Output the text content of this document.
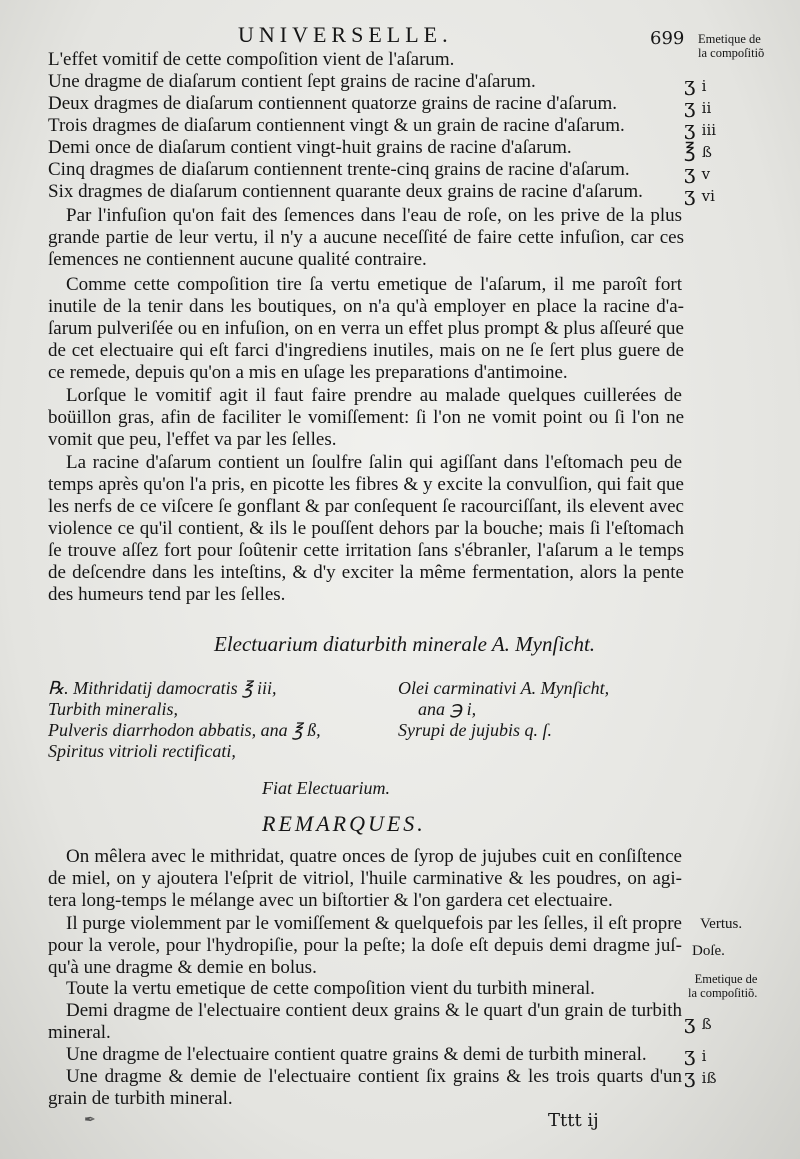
UNIVERSELLE.	699 Emetique de
la compoſitiõ
L'effet vomitif de cette compoſition vient de l'aſarum.
Une dragme de diaſarum contient ſept grains de racine d'aſarum.
Deux dragmes de diaſarum contiennent quatorze grains de racine d'aſarum.
Trois dragmes de diaſarum contiennent vingt & un grain de racine d'aſarum.
Demi once de diaſarum contient vingt-huit grains de racine d'aſarum.
Cinq dragmes de diaſarum contiennent trente-cinq grains de racine d'aſarum.
Six dragmes de diaſarum contiennent quarante deux grains de racine d'aſarum.
ʒ i
ʒ ii
ʒ iii
℥ ß
ʒ v
ʒ vi
Par l'infuſion qu'on fait des ſemences dans l'eau de roſe, on les prive de la plus
grande partie de leur vertu, il n'y a aucune neceſſité de faire cette infuſion, car ces
ſemences ne contiennent aucune qualité contraire.
Comme cette compoſition tire ſa vertu emetique de l'aſarum, il me paroît fort
inutile de la tenir dans les boutiques, on n'a qu'à employer en place la racine d'a-
ſarum pulveriſée ou en infuſion, on en verra un effet plus prompt & plus aſſeuré que
de cet electuaire qui eſt farci d'ingrediens inutiles, mais on ne ſe ſert plus guere de
ce remede, depuis qu'on a mis en uſage les preparations d'antimoine.
Lorſque le vomitif agit il faut faire prendre au malade quelques cuillerées de
boüillon gras, afin de faciliter le vomiſſement: ſi l'on ne vomit point ou ſi l'on ne
vomit que peu, l'effet va par les ſelles.
La racine d'aſarum contient un ſoulfre ſalin qui agiſſant dans l'eſtomach peu de
temps après qu'on l'a pris, en picotte les fibres & y excite la convulſion, qui fait que
les nerfs de ce viſcere ſe gonflant & par conſequent ſe racourciſſant, ils elevent avec
violence ce qu'il contient, & ils le pouſſent dehors par la bouche; mais ſi l'eſtomach
ſe trouve aſſez fort pour ſoûtenir cette irritation ſans s'ébranler, l'aſarum a le temps
de deſcendre dans les inteſtins, & d'y exciter la même fermentation, alors la pente
des humeurs tend par les ſelles.
Electuarium diaturbith minerale A. Mynſicht.
℞. Mithridatij damocratis ℥ iii,
Turbith mineralis,
Pulveris diarrhodon abbatis, ana ℥ ß,
Spiritus vitrioli rectificati,
Olei carminativi A. Mynſicht,
ana ℈ i,
Syrupi de jujubis q. ſ.
Fiat Electuarium.
REMARQUES.
On mêlera avec le mithridat, quatre onces de ſyrop de jujubes cuit en conſiſtence
de miel, on y ajoutera l'eſprit de vitriol, l'huile carminative & les poudres, on agi-
tera long-temps le mélange avec un biſtortier & l'on gardera cet electuaire.
Il purge violemment par le vomiſſement & quelquefois par les ſelles, il eſt propre
pour la verole, pour l'hydropiſie, pour la peſte; la doſe eſt depuis demi dragme juſ-
qu'à une dragme & demie en bolus.
Toute la vertu emetique de cette compoſition vient du turbith mineral.
Demi dragme de l'electuaire contient deux grains & le quart d'un grain de turbith
mineral.
Une dragme de l'electuaire contient quatre grains & demi de turbith mineral.
Une dragme & demie de l'electuaire contient ſix grains & les trois quarts d'un
grain de turbith mineral.
Vertus.
Doſe.
Emetique de
la compoſitiõ.
ʒ ß
ʒ i
ʒ iß
Tttt ij
✒
